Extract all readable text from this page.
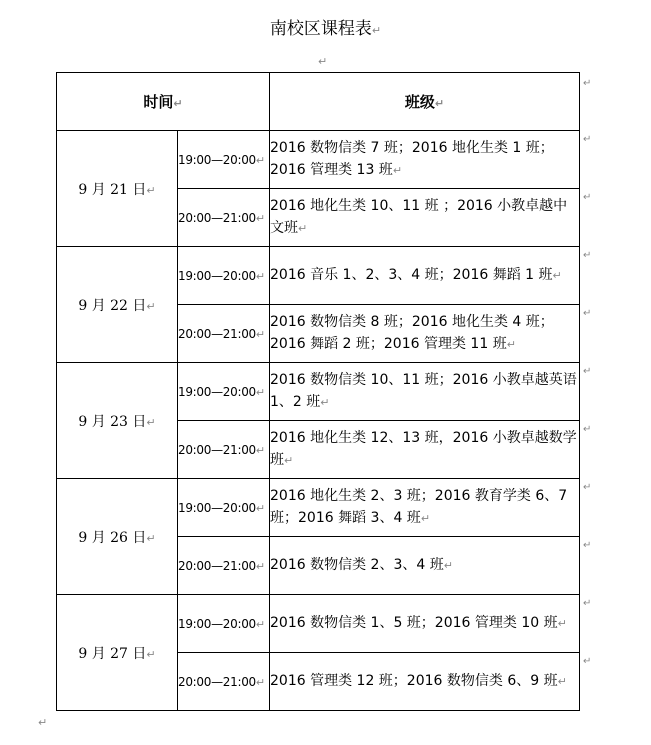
南校区课程表↵
↵
时间↵		班级↵
9 月 21 日↵	19:00—20:00↵	2016 数物信类 7 班；2016 地化生类 1 班；2016 管理类 13 班↵
	20:00—21:00↵	2016 地化生类 10、11 班 ；2016 小教卓越中文班↵
9 月 22 日↵	19:00—20:00↵	2016 音乐 1、2、3、4 班；2016 舞蹈 1 班↵
	20:00—21:00↵	2016 数物信类 8 班；2016 地化生类 4 班；2016 舞蹈 2 班；2016 管理类 11 班↵
9 月 23 日↵	19:00—20:00↵	2016 数物信类 10、11 班；2016 小教卓越英语 1、2 班↵
	20:00—21:00↵	2016 地化生类 12、13 班，2016 小教卓越数学班↵
9 月 26 日↵	19:00—20:00↵	2016 地化生类 2、3 班；2016 教育学类 6、7 班；2016 舞蹈 3、4 班↵
	20:00—21:00↵	2016 数物信类 2、3、4 班↵
9 月 27 日↵	19:00—20:00↵	2016 数物信类 1、5 班；2016 管理类 10 班↵
	20:00—21:00↵	2016 管理类 12 班；2016 数物信类 6、9 班↵
↵
↵
↵
↵
↵
↵
↵
↵
↵
↵
↵
↵
